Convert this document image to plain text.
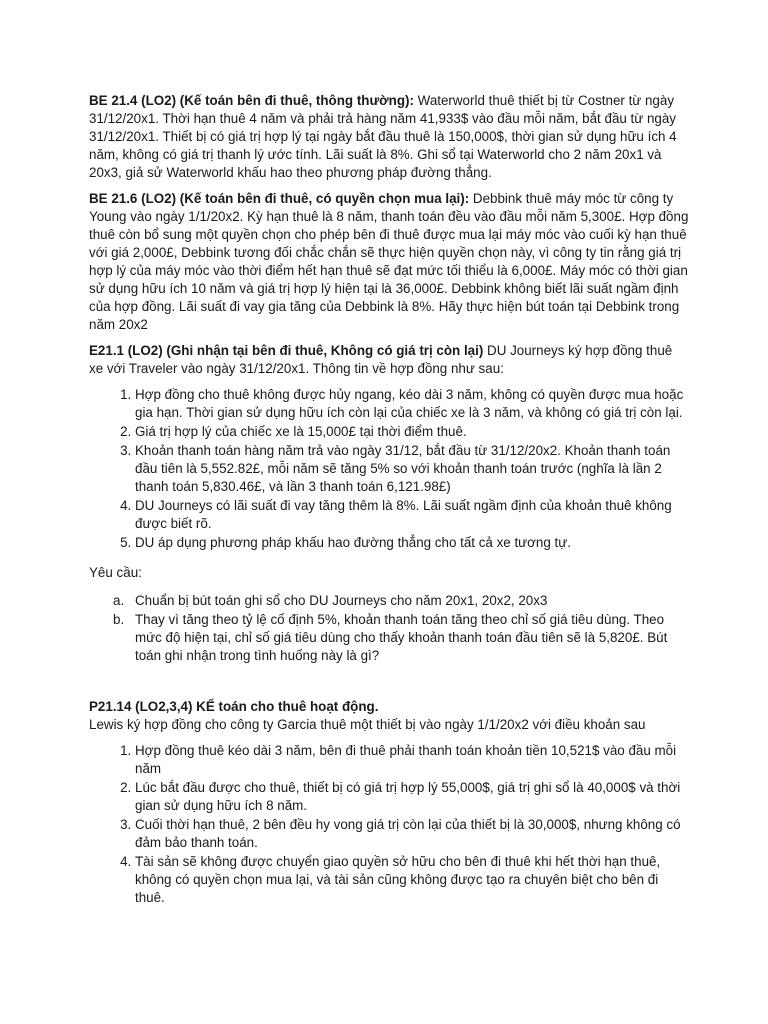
BE 21.4 (LO2) (Kế toán bên đi thuê, thông thường): Waterworld thuê thiết bị từ Costner từ ngày 31/12/20x1. Thời hạn thuê 4 năm và phải trả hàng năm 41,933$ vào đầu mỗi năm, bắt đầu từ ngày 31/12/20x1. Thiết bị có giá trị hợp lý tại ngày bắt đầu thuê là 150,000$, thời gian sử dụng hữu ích 4 năm, không có giá trị thanh lý ước tính. Lãi suất là 8%. Ghi sổ tại Waterworld cho 2 năm 20x1 và 20x3, giả sử Waterworld khấu hao theo phương pháp đường thẳng.

BE 21.6 (LO2) (Kế toán bên đi thuê, có quyền chọn mua lại): Debbink thuê máy móc từ công ty Young vào ngày 1/1/20x2. Kỳ hạn thuê là 8 năm, thanh toán đều vào đầu mỗi năm 5,300£. Hợp đồng thuê còn bổ sung một quyền chọn cho phép bên đi thuê được mua lại máy móc vào cuối kỳ hạn thuê với giá 2,000£, Debbink tương đối chắc chắn sẽ thực hiện quyền chọn này, vì công ty tin rằng giá trị hợp lý của máy móc vào thời điểm hết hạn thuê sẽ đạt mức tối thiểu là 6,000£. Máy móc có thời gian sử dụng hữu ích 10 năm và giá trị hợp lý hiện tại là 36,000£. Debbink không biết lãi suất ngầm định của hợp đồng. Lãi suất đi vay gia tăng của Debbink là 8%. Hãy thực hiện bút toán tại Debbink trong năm 20x2

E21.1 (LO2) (Ghi nhận tại bên đi thuê, Không có giá trị còn lại) DU Journeys ký hợp đồng thuê xe với Traveler vào ngày 31/12/20x1. Thông tin về hợp đồng như sau:

1. Hợp đồng cho thuê không được hủy ngang, kéo dài 3 năm, không có quyền được mua hoặc gia hạn. Thời gian sử dụng hữu ích còn lại của chiếc xe là 3 năm, và không có giá trị còn lại.
2. Giá trị hợp lý của chiếc xe là 15,000£ tại thời điểm thuê.
3. Khoản thanh toán hàng năm trả vào ngày 31/12, bắt đầu từ 31/12/20x2. Khoản thanh toán đầu tiên là 5,552.82£, mỗi năm sẽ tăng 5% so với khoản thanh toán trước (nghĩa là lần 2 thanh toán 5,830.46£, và lần 3 thanh toán 6,121.98£)
4. DU Journeys có lãi suất đi vay tăng thêm là 8%. Lãi suất ngầm định của khoản thuê không được biết rõ.
5. DU áp dụng phương pháp khấu hao đường thẳng cho tất cả xe tương tự.

Yêu cầu:

a. Chuẩn bị bút toán ghi sổ cho DU Journeys cho năm 20x1, 20x2, 20x3
b. Thay vì tăng theo tỷ lệ cố định 5%, khoản thanh toán tăng theo chỉ số giá tiêu dùng. Theo mức độ hiện tại, chỉ số giá tiêu dùng cho thấy khoản thanh toán đầu tiên sẽ là 5,820£. Bút toán ghi nhận trong tình huống này là gì?

P21.14 (LO2,3,4) KẾ toán cho thuê hoạt động.

Lewis ký hợp đồng cho công ty Garcia thuê một thiết bị vào ngày 1/1/20x2 với điều khoản sau

1. Hợp đồng thuê kéo dài 3 năm, bên đi thuê phải thanh toán khoản tiền 10,521$ vào đầu mỗi năm
2. Lúc bắt đầu được cho thuê, thiết bị có giá trị hợp lý 55,000$, giá trị ghi sổ là 40,000$ và thời gian sử dụng hữu ích 8 năm.
3. Cuối thời hạn thuê, 2 bên đều hy vong giá trị còn lại của thiết bị là 30,000$, nhưng không có đảm bảo thanh toán.
4. Tài sản sẽ không được chuyển giao quyền sở hữu cho bên đi thuê khi hết thời hạn thuê, không có quyền chọn mua lại, và tài sản cũng không được tạo ra chuyên biệt cho bên đi thuê.
